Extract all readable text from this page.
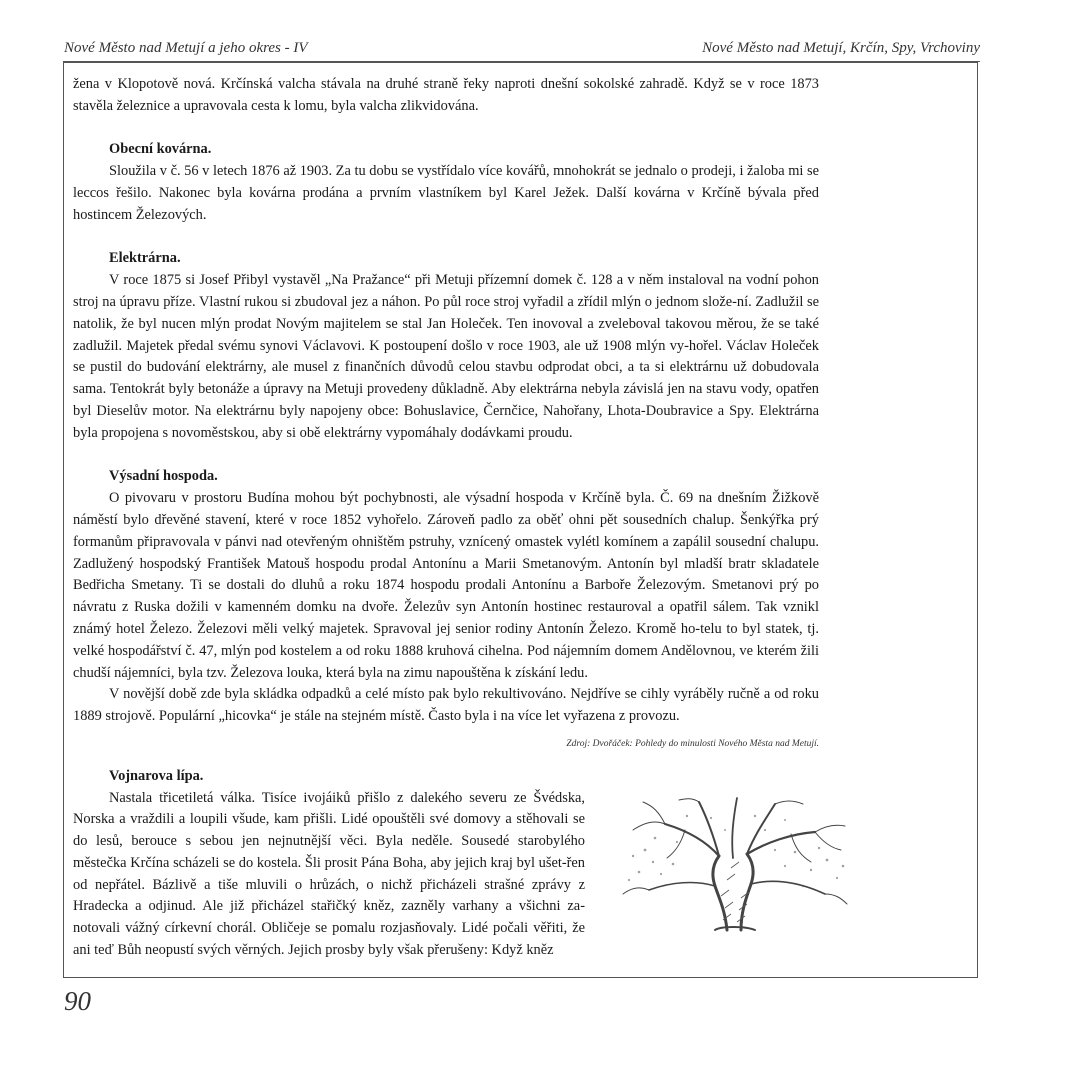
Nové Město nad Metují a jeho okres - IV	Nové Město nad Metují, Krčín, Spy, Vrchoviny

žena v Klopotově nová. Krčínská valcha stávala na druhé straně řeky naproti dnešní sokolské zahradě. Když se v roce 1873 stavěla železnice a upravovala cesta k lomu, byla valcha zlikvidována.

Obecní kovárna.

Sloužila v č. 56 v letech 1876 až 1903. Za tu dobu se vystřídalo více kovářů, mnohokrát se jednalo o prodeji, i žaloba mi se leccos řešilo. Nakonec byla kovárna prodána a prvním vlastníkem byl Karel Ježek. Další kovárna v Krčíně bývala před hostincem Železových.

Elektrárna.

V roce 1875 si Josef Přibyl vystavěl „Na Pražance“ při Metuji přízemní domek č. 128 a v něm instaloval na vodní pohon stroj na úpravu příze. Vlastní rukou si zbudoval jez a náhon. Po půl roce stroj vyřadil a zřídil mlýn o jednom slože-ní. Zadlužil se natolik, že byl nucen mlýn prodat Novým majitelem se stal Jan Holeček. Ten inovoval a zveleboval takovou měrou, že se také zadlužil. Majetek předal svému synovi Václavovi. K postoupení došlo v roce 1903, ale už 1908 mlýn vy-hořel. Václav Holeček se pustil do budování elektrárny, ale musel z finančních důvodů celou stavbu odprodat obci, a ta si elektrárnu už dobudovala sama. Tentokrát byly betonáže a úpravy na Metuji provedeny důkladně. Aby elektrárna nebyla závislá jen na stavu vody, opatřen byl Dieselův motor. Na elektrárnu byly napojeny obce: Bohuslavice, Černčice, Nahořany, Lhota-Doubravice a Spy. Elektrárna byla propojena s novoměstskou, aby si obě elektrárny vypomáhaly dodávkami proudu.

Výsadní hospoda.

O pivovaru v prostoru Budína mohou být pochybnosti, ale výsadní hospoda v Krčíně byla. Č. 69 na dnešním Žižkově náměstí bylo dřevěné stavení, které v roce 1852 vyhořelo. Zároveň padlo za oběť ohni pět sousedních chalup. Šenkýřka prý formanům připravovala v pánvi nad otevřeným ohništěm pstruhy, vznícený omastek vylétl komínem a zapálil sousední chalupu. Zadlužený hospodský František Matouš hospodu prodal Antonínu a Marii Smetanovým. Antonín byl mladší bratr skladatele Bedřicha Smetany. Ti se dostali do dluhů a roku 1874 hospodu prodali Antonínu a Barboře Železovým. Smetanovi prý po návratu z Ruska dožili v kamenném domku na dvoře. Železův syn Antonín hostinec restauroval a opatřil sálem. Tak vznikl známý hotel Železo. Železovi měli velký majetek. Spravoval jej senior rodiny Antonín Železo. Kromě ho-telu to byl statek, tj. velké hospodářství č. 47, mlýn pod kostelem a od roku 1888 kruhová cihelna. Pod nájemním domem Andělovnou, ve kterém žili chudší nájemníci, byla tzv. Železova louka, která byla na zimu napouštěna k získání ledu.

V novější době zde byla skládka odpadků a celé místo pak bylo rekultivováno. Nejdříve se cihly vyráběly ručně a od roku 1889 strojově. Populární „hicovka“ je stále na stejném místě. Často byla i na více let vyřazena z provozu.

Zdroj: Dvořáček: Pohledy do minulosti Nového Města nad Metují.

Vojnarova lípa.

Nastala třicetiletá válka. Tisíce ivojáiků přišlo z dalekého severu ze Švédska, Norska a vraždili a loupili všude, kam přišli. Lidé opouštěli své domovy a stěhovali se do lesů, berouce s sebou jen nejnutnější věci. Byla neděle. Sousedé starobylého městečka Krčína scházeli se do kostela. Šli prosit Pána Boha, aby jejich kraj byl ušet-řen od nepřátel. Bázlivě a tiše mluvili o hrůzách, o nichž přicházeli strašné zprávy z Hradecka a odjinud. Ale již přicházel stařičký kněz, zazněly varhany a všichni za-notovali vážný církevní chorál. Obličeje se pomalu rozjasňovaly. Lidé počali věřiti, že ani teď Bůh neopustí svých věrných. Jejich prosby byly však přerušeny: Když kněz

90
